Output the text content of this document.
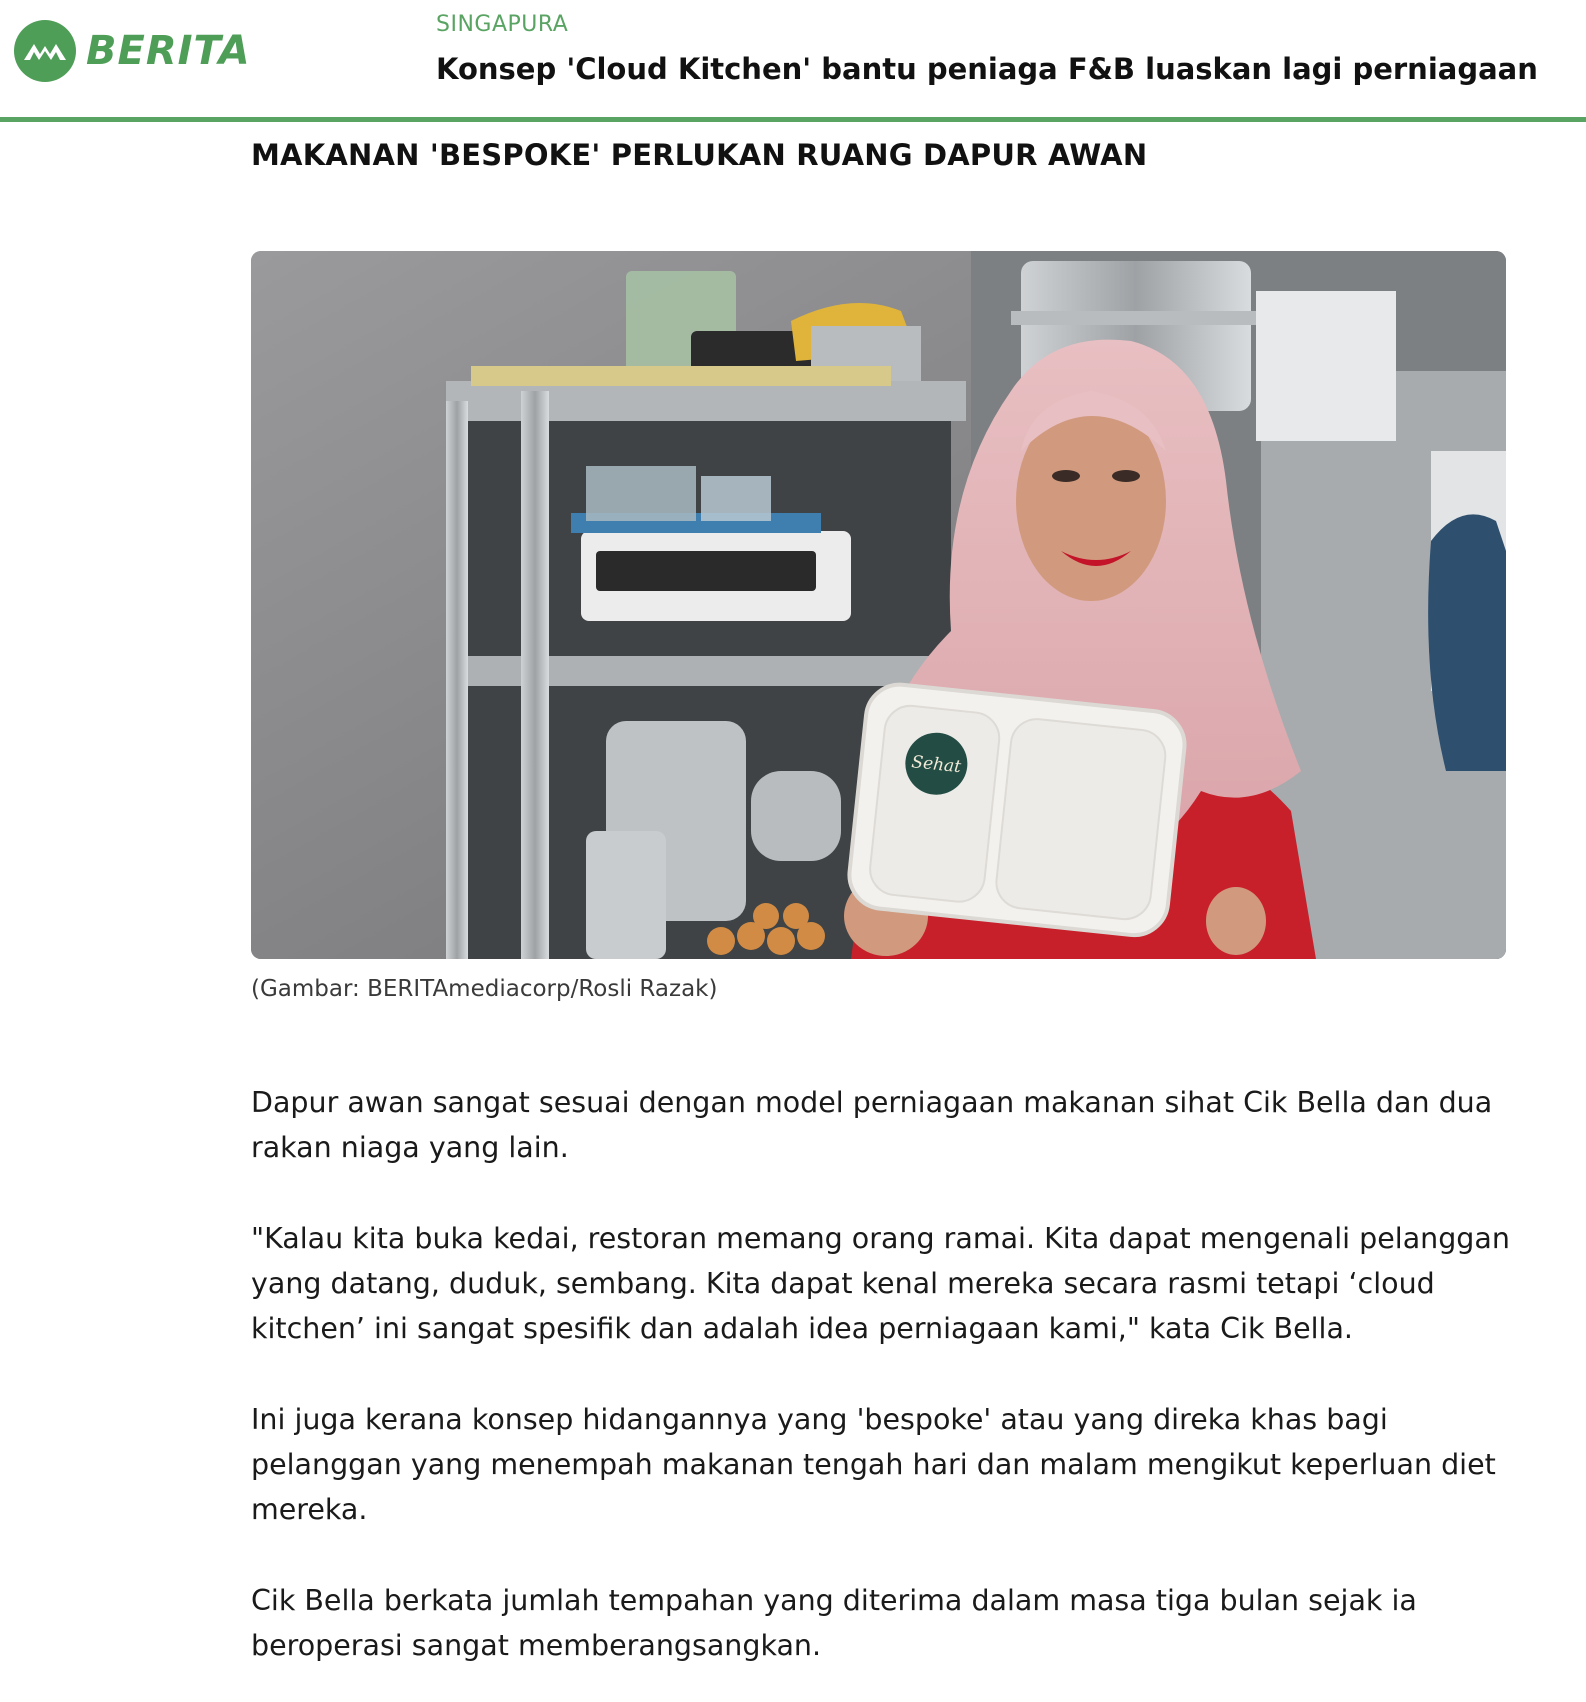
BERITA
SINGAPURA
Konsep 'Cloud Kitchen' bantu peniaga F&B luaskan lagi perniagaan
MAKANAN 'BESPOKE' PERLUKAN RUANG DAPUR AWAN
Sehat
(Gambar: BERITAmediacorp/Rosli Razak)

Dapur awan sangat sesuai dengan model perniagaan makanan sihat Cik Bella dan dua rakan niaga yang lain.

"Kalau kita buka kedai, restoran memang orang ramai. Kita dapat mengenali pelanggan yang datang, duduk, sembang. Kita dapat kenal mereka secara rasmi tetapi ‘cloud kitchen’ ini sangat spesifik dan adalah idea perniagaan kami," kata Cik Bella.

Ini juga kerana konsep hidangannya yang 'bespoke' atau yang direka khas bagi pelanggan yang menempah makanan tengah hari dan malam mengikut keperluan diet mereka.

Cik Bella berkata jumlah tempahan yang diterima dalam masa tiga bulan sejak ia beroperasi sangat memberangsangkan.
